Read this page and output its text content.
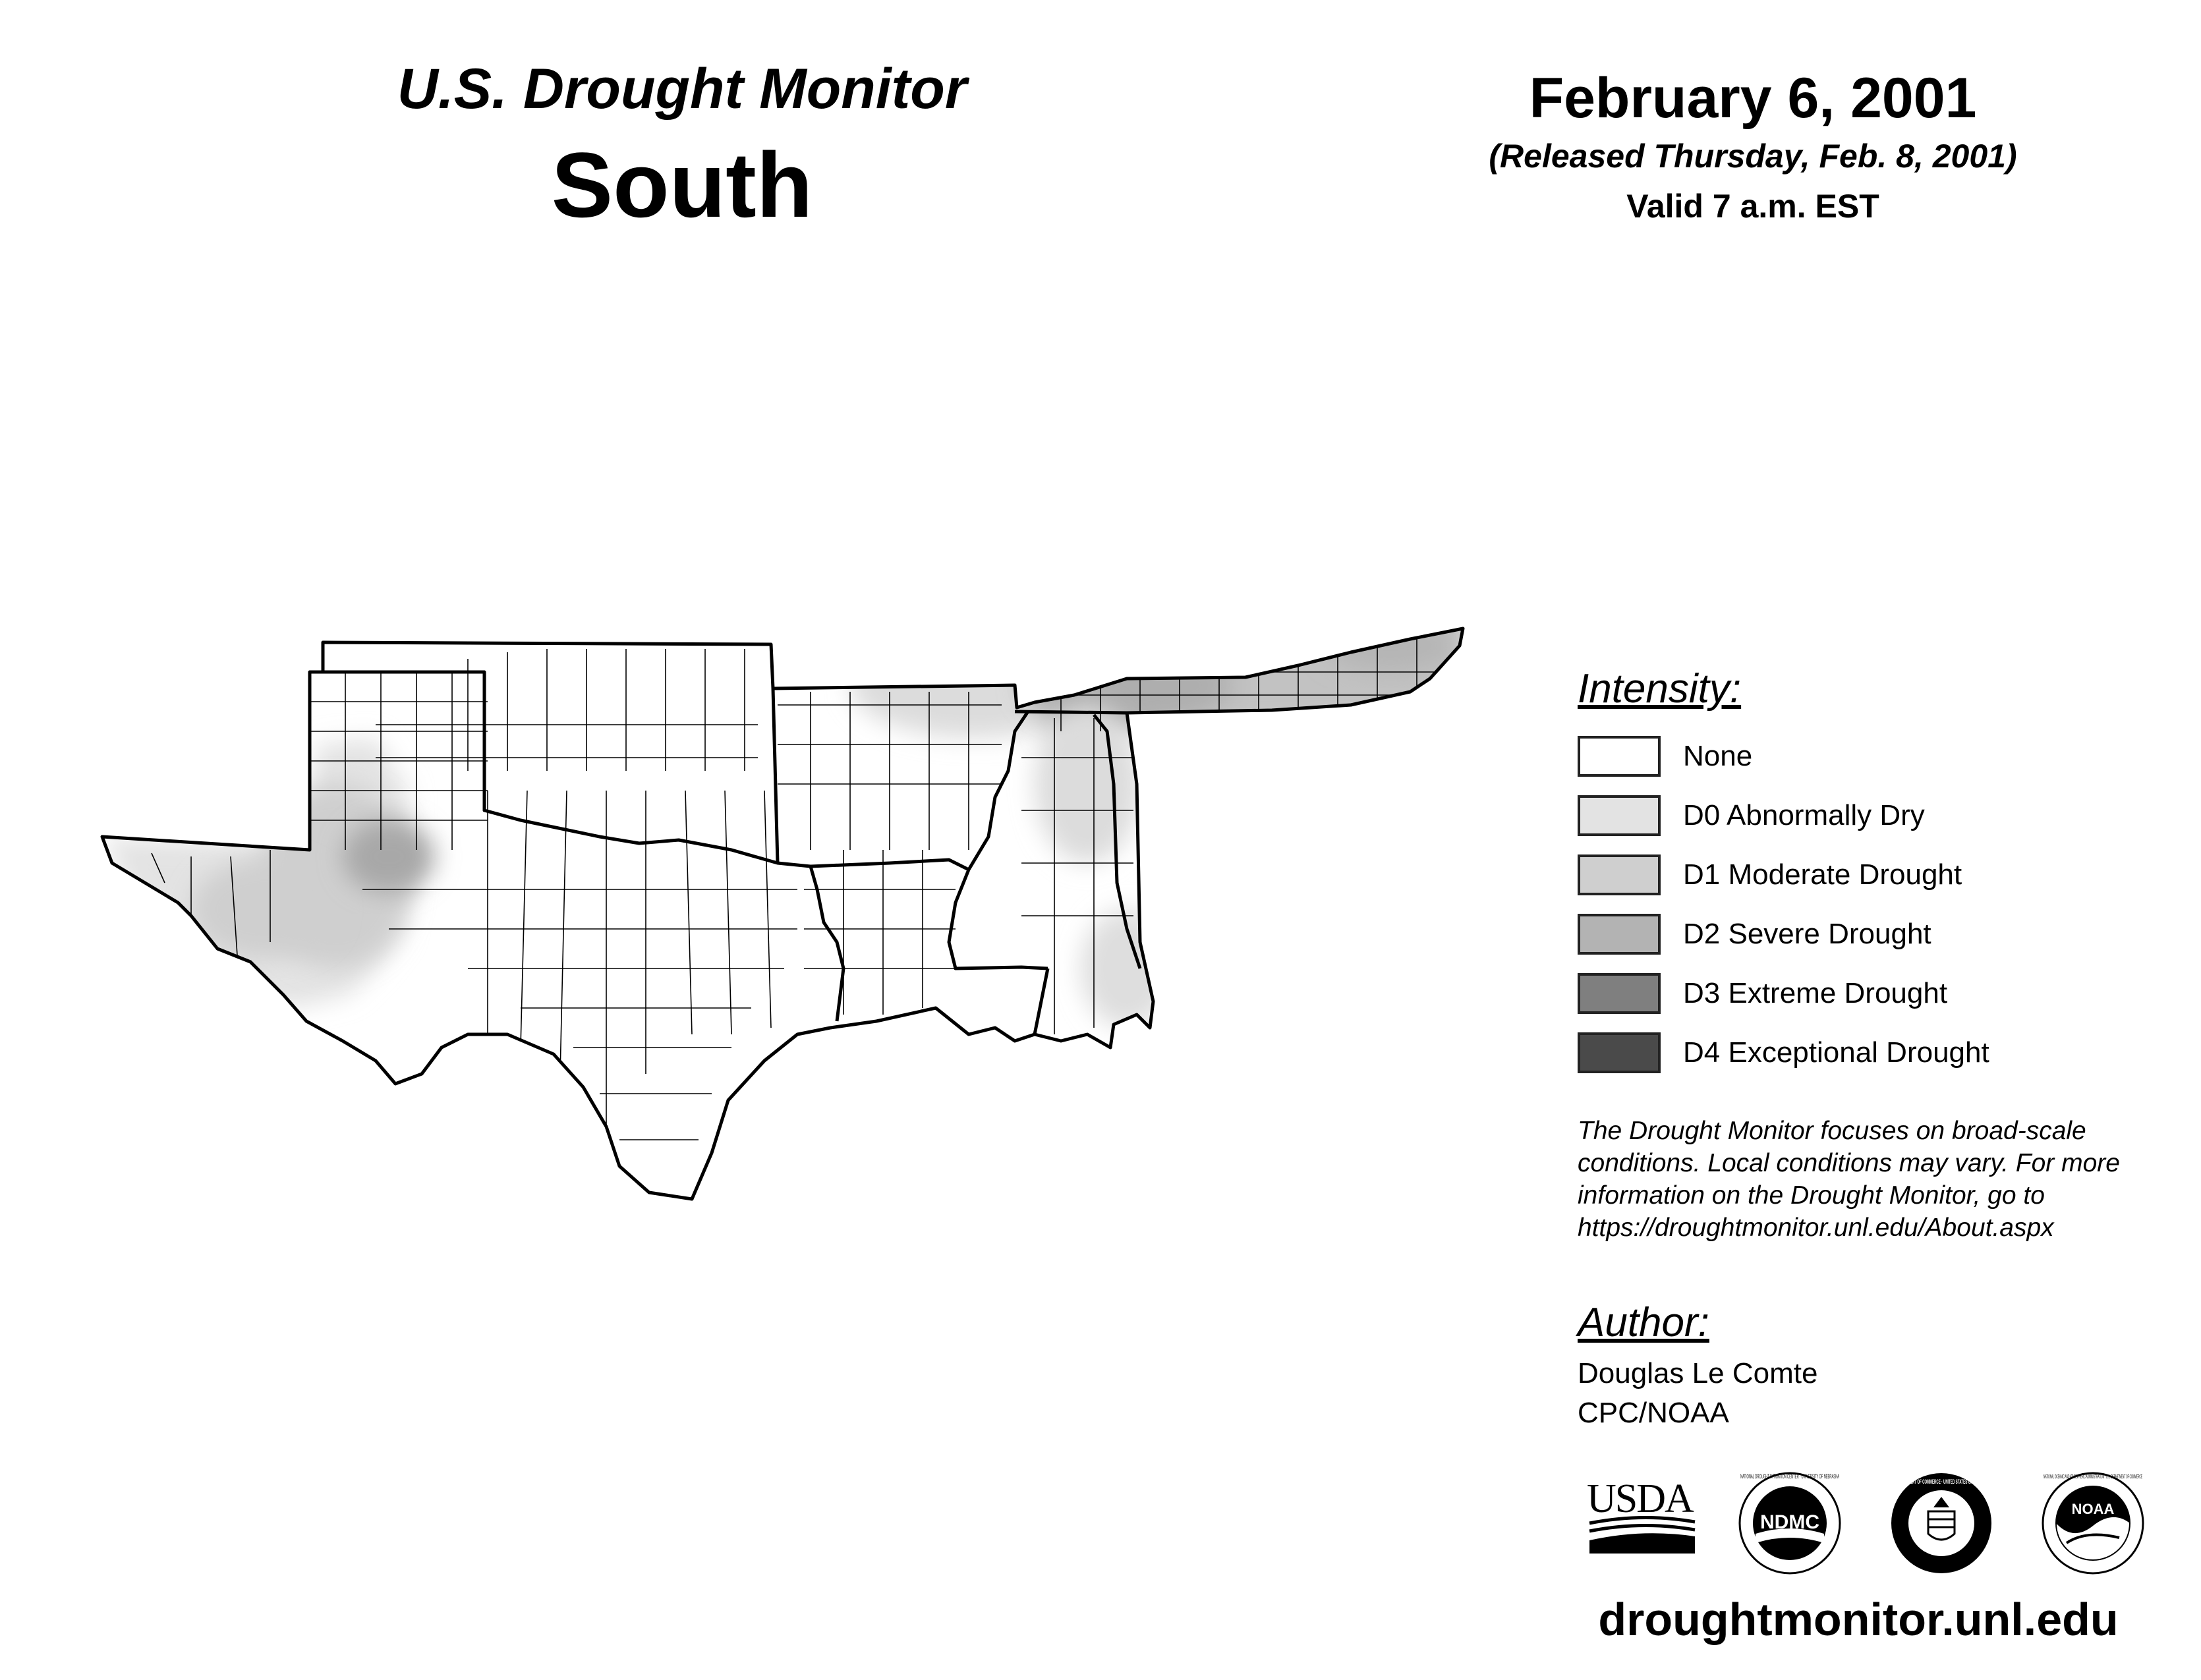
U.S. Drought Monitor
South
February 6, 2001
(Released Thursday, Feb. 8, 2001)
Valid 7 a.m. EST
Intensity:
None
D0 Abnormally Dry
D1 Moderate Drought
D2 Severe Drought
D3 Extreme Drought
D4 Exceptional Drought
The Drought Monitor focuses on broad-scale
conditions. Local conditions may vary. For more
information on the Drought Monitor, go to
https://droughtmonitor.unl.edu/About.aspx
Author:
Douglas Le Comte
CPC/NOAA
USDA
NDMC
NATIONAL DROUGHT MITIGATION CENTER · UNIVERSITY OF NEBRASKA
DEPARTMENT OF COMMERCE · UNITED STATES OF AMERICA
NOAA
NATIONAL OCEANIC AND ATMOSPHERIC ADMINISTRATION · U.S. DEPARTMENT OF COMMERCE
droughtmonitor.unl.edu
